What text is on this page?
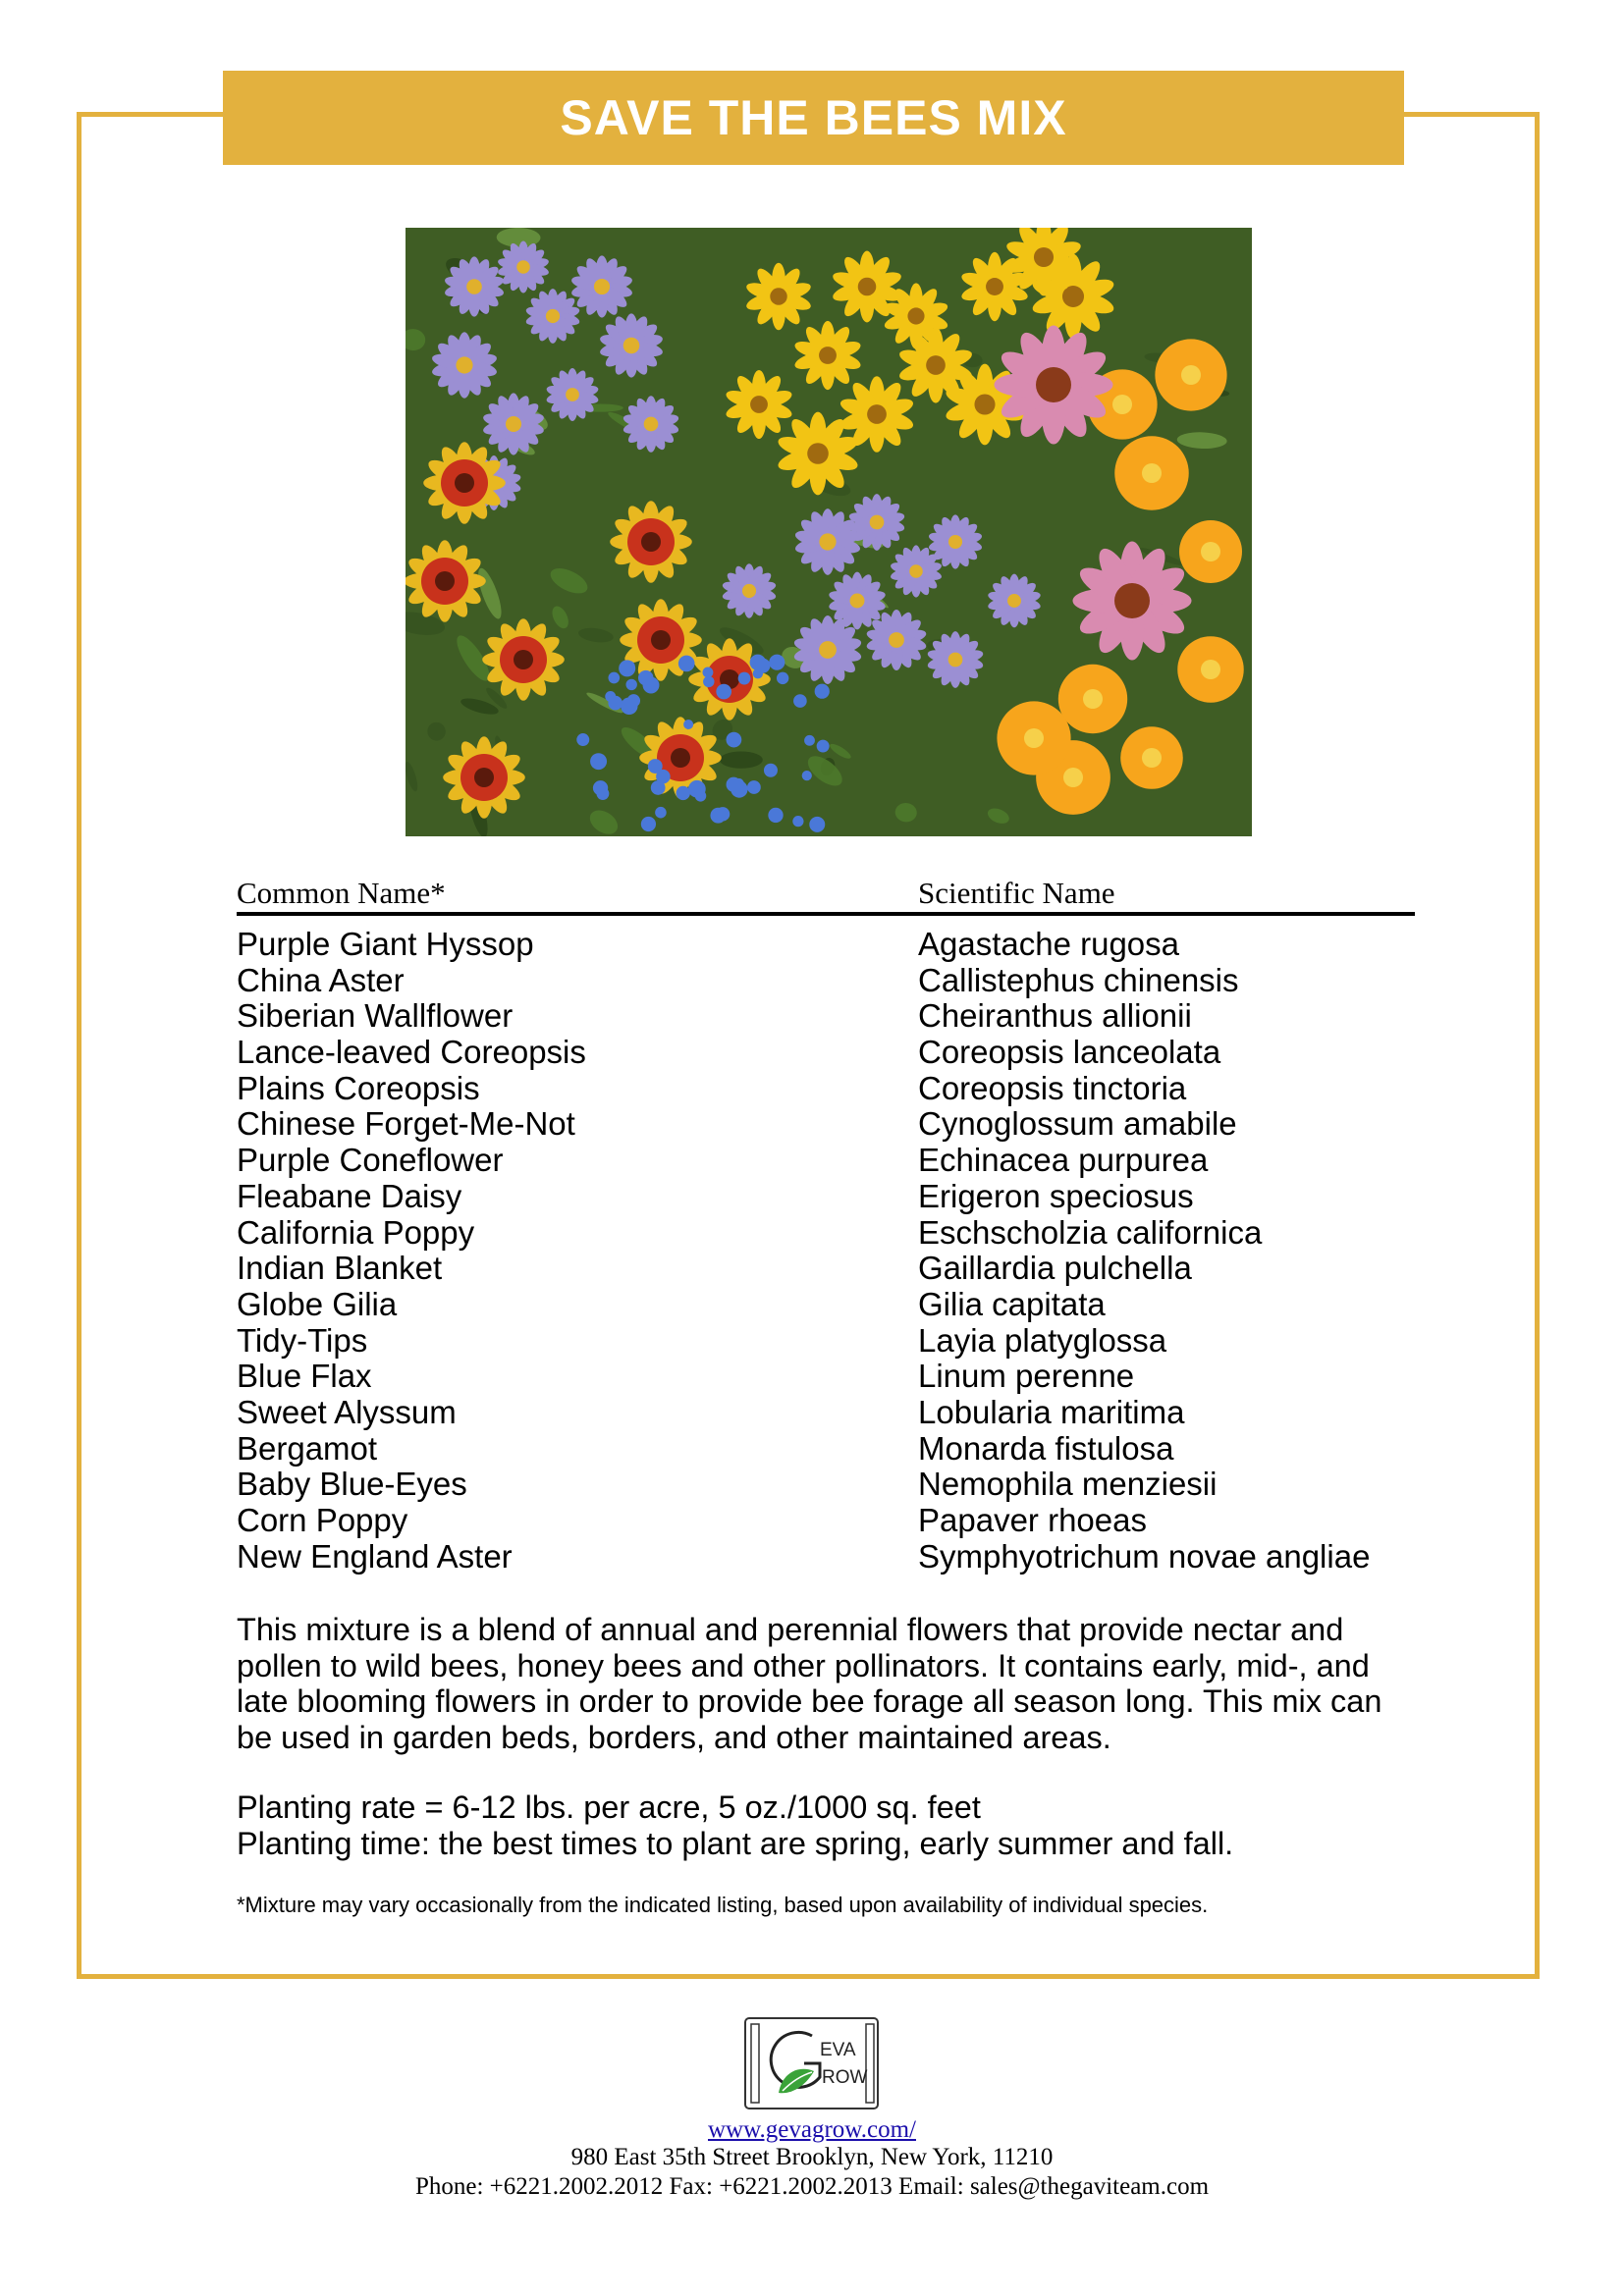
SAVE THE BEES MIX
Common Name*	Scientific Name
Purple Giant Hyssop
China Aster
Siberian Wallflower
Lance-leaved Coreopsis
Plains Coreopsis
Chinese Forget-Me-Not
Purple Coneflower
Fleabane Daisy
California Poppy
Indian Blanket
Globe Gilia
Tidy-Tips
Blue Flax
Sweet Alyssum
Bergamot
Baby Blue-Eyes
Corn Poppy
New England Aster
Agastache rugosa
Callistephus chinensis
Cheiranthus allionii
Coreopsis lanceolata
Coreopsis tinctoria
Cynoglossum amabile
Echinacea purpurea
Erigeron speciosus
Eschscholzia californica
Gaillardia pulchella
Gilia capitata
Layia platyglossa
Linum perenne
Lobularia maritima
Monarda fistulosa
Nemophila menziesii
Papaver rhoeas
Symphyotrichum novae angliae
This mixture is a blend of annual and perennial flowers that provide nectar and
pollen to wild bees, honey bees and other pollinators. It contains early, mid-, and
late blooming flowers in order to provide bee forage all season long. This mix can
be used in garden beds, borders, and other maintained areas.
Planting rate = 6-12 lbs. per acre, 5 oz./1000 sq. feet
Planting time: the best times to plant are spring, early summer and fall.

*Mixture may vary occasionally from the indicated listing, based upon availability of individual species.

EVA
ROW
www.gevagrow.com/
980 East 35th Street Brooklyn, New York, 11210
Phone: +6221.2002.2012 Fax: +6221.2002.2013 Email: sales@thegaviteam.com
